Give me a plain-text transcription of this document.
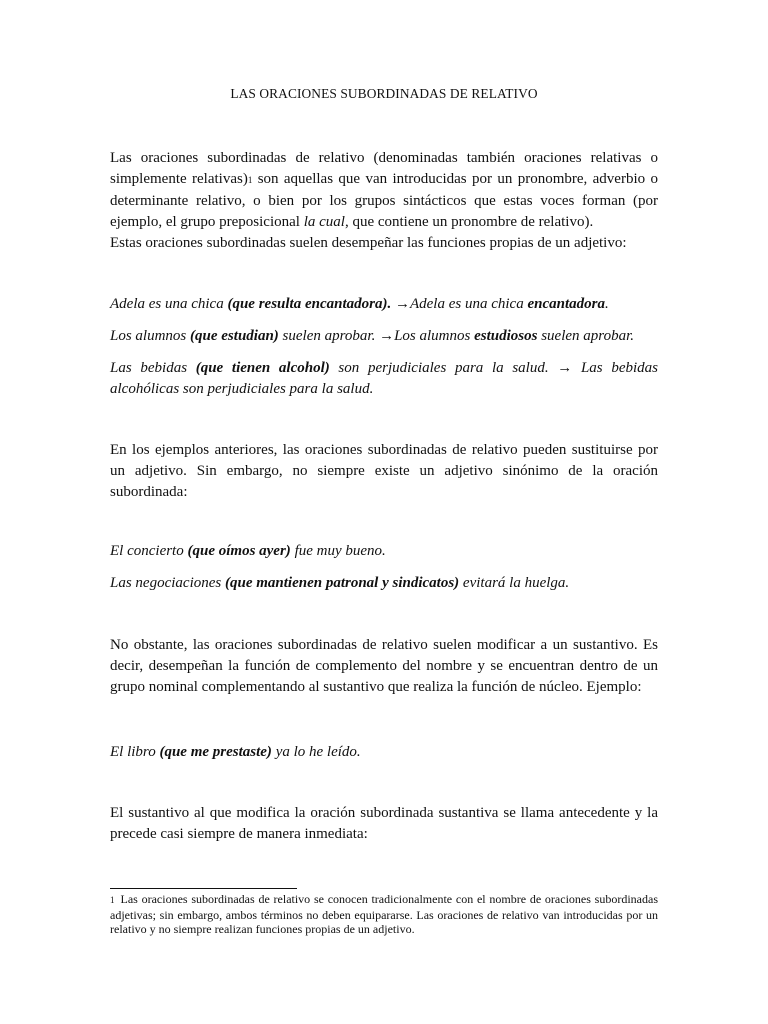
LAS ORACIONES SUBORDINADAS DE RELATIVO

Las oraciones subordinadas de relativo (denominadas también oraciones relativas o simplemente relativas)1 son aquellas que van introducidas por un pronombre, adverbio o determinante relativo, o bien por los grupos sintácticos que estas voces forman (por ejemplo, el grupo preposicional la cual, que contiene un pronombre de relativo).

Estas oraciones subordinadas suelen desempeñar las funciones propias de un adjetivo:

Adela es una chica (que resulta encantadora). →Adela es una chica encantadora.

Los alumnos (que estudian) suelen aprobar. →Los alumnos estudiosos suelen aprobar.

Las bebidas (que tienen alcohol) son perjudiciales para la salud. → Las bebidas alcohólicas son perjudiciales para la salud.

En los ejemplos anteriores, las oraciones subordinadas de relativo pueden sustituirse por un adjetivo. Sin embargo, no siempre existe un adjetivo sinónimo de la oración subordinada:

El concierto (que oímos ayer) fue muy bueno.

Las negociaciones (que mantienen patronal y sindicatos) evitará la huelga.

No obstante, las oraciones subordinadas de relativo suelen modificar a un sustantivo. Es decir, desempeñan la función de complemento del nombre y se encuentran dentro de un grupo nominal complementando al sustantivo que realiza la función de núcleo. Ejemplo:

El libro (que me prestaste) ya lo he leído.

El sustantivo al que modifica la oración subordinada sustantiva se llama antecedente y la precede casi siempre de manera inmediata:

1 Las oraciones subordinadas de relativo se conocen tradicionalmente con el nombre de oraciones subordinadas adjetivas; sin embargo, ambos términos no deben equipararse. Las oraciones de relativo van introducidas por un relativo y no siempre realizan funciones propias de un adjetivo.
